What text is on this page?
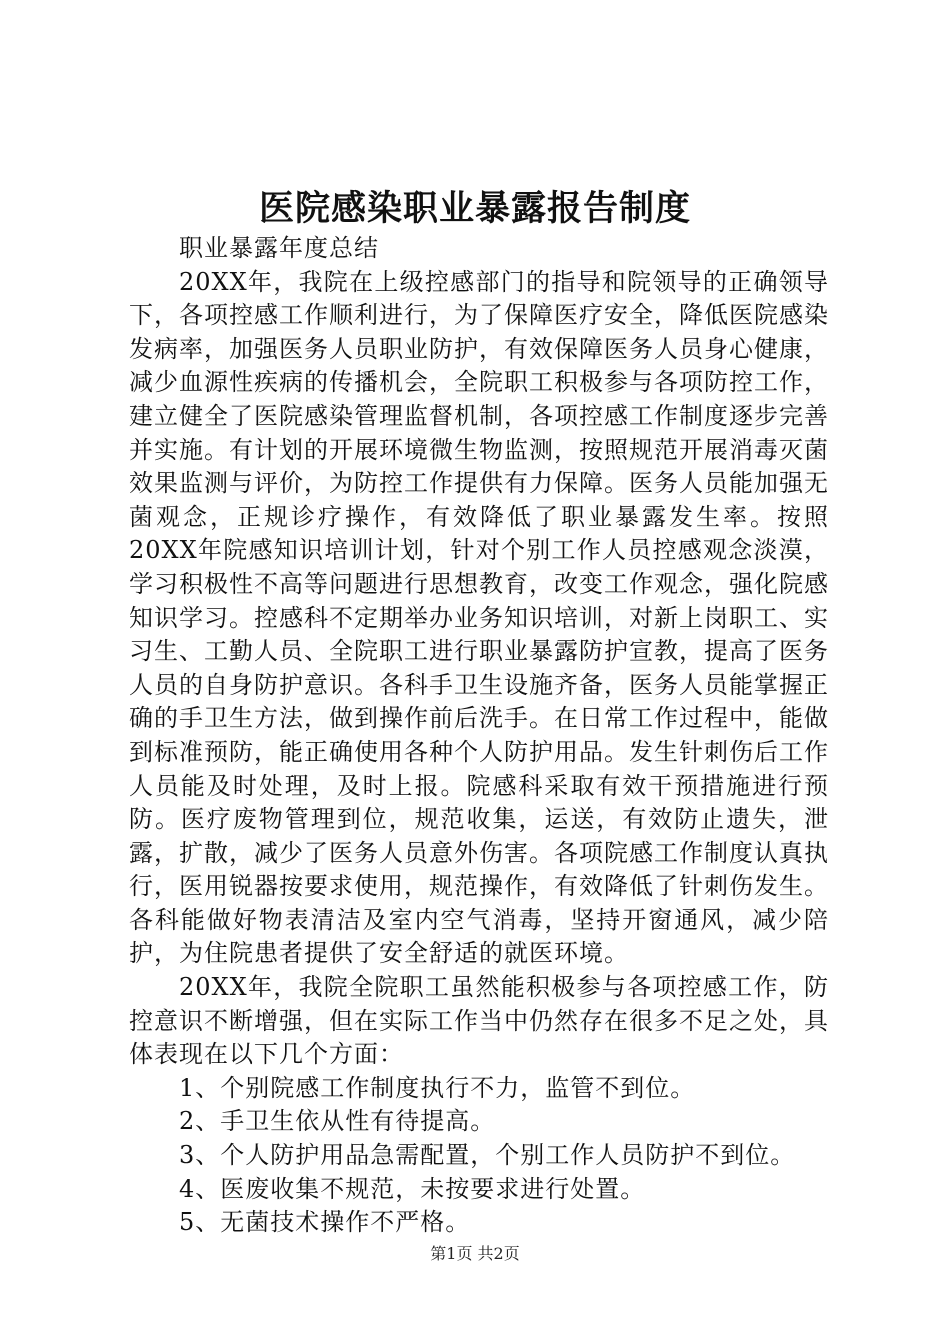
医院感染职业暴露报告制度

职业暴露年度总结

20XX年，我院在上级控感部门的指导和院领导的正确领导下，各项控感工作顺利进行，为了保障医疗安全，降低医院感染发病率，加强医务人员职业防护，有效保障医务人员身心健康，减少血源性疾病的传播机会，全院职工积极参与各项防控工作，建立健全了医院感染管理监督机制，各项控感工作制度逐步完善并实施。有计划的开展环境微生物监测，按照规范开展消毒灭菌效果监测与评价，为防控工作提供有力保障。医务人员能加强无菌观念，正规诊疗操作，有效降低了职业暴露发生率。按照20XX年院感知识培训计划，针对个别工作人员控感观念淡漠，学习积极性不高等问题进行思想教育，改变工作观念，强化院感知识学习。控感科不定期举办业务知识培训，对新上岗职工、实习生、工勤人员、全院职工进行职业暴露防护宣教，提高了医务人员的自身防护意识。各科手卫生设施齐备，医务人员能掌握正确的手卫生方法，做到操作前后洗手。在日常工作过程中，能做到标准预防，能正确使用各种个人防护用品。发生针刺伤后工作人员能及时处理，及时上报。院感科采取有效干预措施进行预防。医疗废物管理到位，规范收集，运送，有效防止遗失，泄露，扩散，减少了医务人员意外伤害。各项院感工作制度认真执行，医用锐器按要求使用，规范操作，有效降低了针刺伤发生。各科能做好物表清洁及室内空气消毒，坚持开窗通风，减少陪护，为住院患者提供了安全舒适的就医环境。

20XX年，我院全院职工虽然能积极参与各项控感工作，防控意识不断增强，但在实际工作当中仍然存在很多不足之处，具体表现在以下几个方面：

1、个别院感工作制度执行不力，监管不到位。

2、手卫生依从性有待提高。

3、个人防护用品急需配置，个别工作人员防护不到位。

4、医废收集不规范，未按要求进行处置。

5、无菌技术操作不严格。

第1页 共2页
